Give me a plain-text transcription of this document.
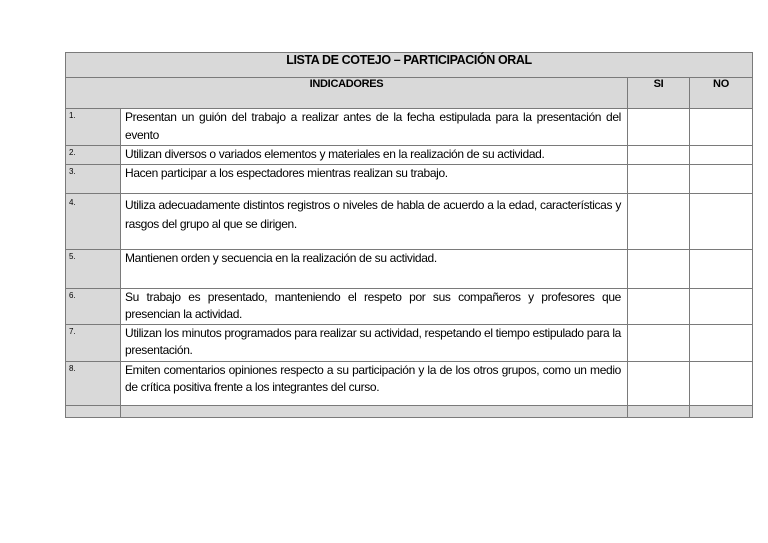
LISTA DE COTEJO – PARTICIPACIÓN ORAL			
INDICADORES		SI	NO
1.	Presentan un guión del trabajo a realizar antes de la fecha estipulada para la presentación del evento		
2.	Utilizan diversos o variados elementos y materiales en la realización de su actividad.		
3.	Hacen participar a los espectadores mientras realizan su trabajo.		
4.	Utiliza adecuadamente distintos registros o niveles de habla de acuerdo a la edad, características y rasgos del grupo al que se dirigen.		
5.	Mantienen orden y secuencia en la realización de su actividad.		
6.	Su trabajo es presentado, manteniendo el respeto por sus compañeros y profesores que presencian la actividad.		
7.	Utilizan los minutos programados para realizar su actividad, respetando el tiempo estipulado para la presentación.		
8.	Emiten comentarios opiniones respecto a su participación y la de los otros grupos, como un medio de crítica positiva frente a los integrantes del curso.		
